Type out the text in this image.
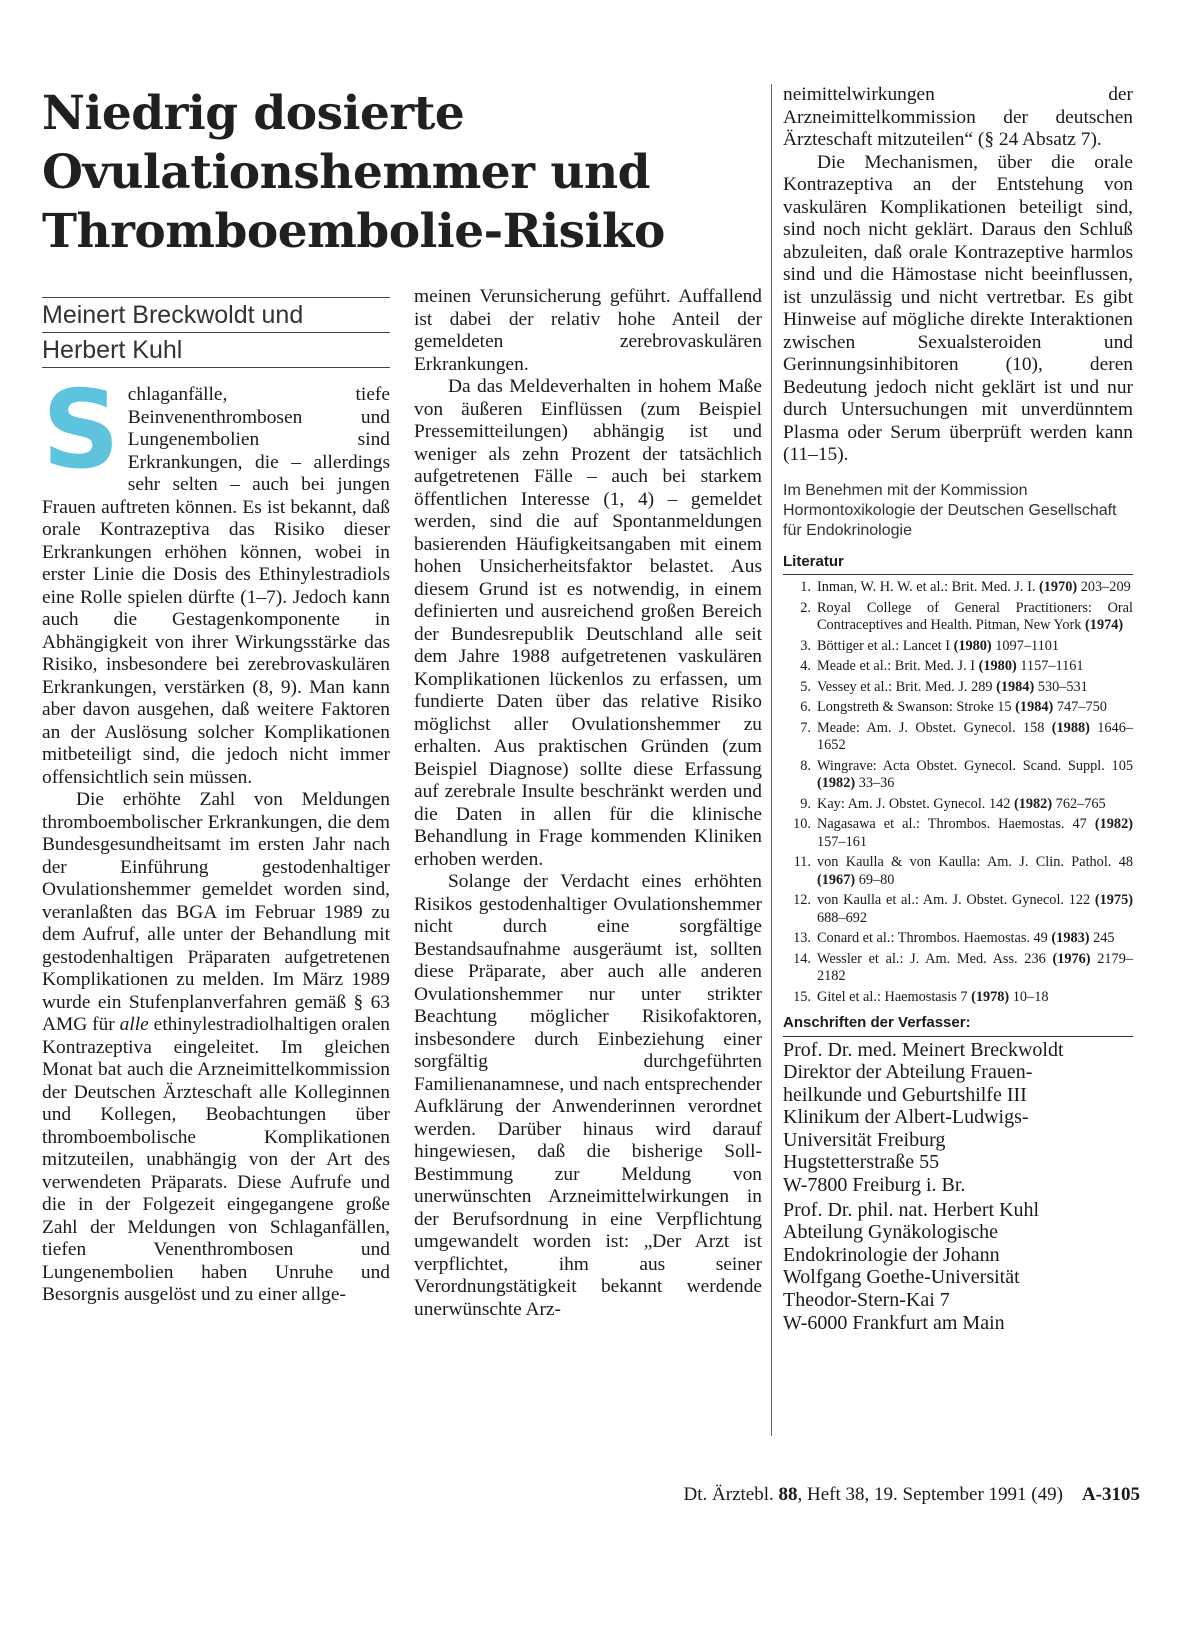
Niedrig dosierte
Ovulationshemmer und
Thromboembolie-Risiko
Meinert Breckwoldt und
Herbert Kuhl

Schlaganfälle, tiefe Beinvenenthrombosen und Lungenembolien sind Erkrankungen, die – allerdings sehr selten – auch bei jungen Frauen auftreten können. Es ist bekannt, daß orale Kontrazeptiva das Risiko dieser Erkrankungen erhöhen können, wobei in erster Linie die Dosis des Ethinylestradiols eine Rolle spielen dürfte (1–7). Jedoch kann auch die Gestagenkomponente in Abhängigkeit von ihrer Wirkungsstärke das Risiko, insbesondere bei zerebrovaskulären Erkrankungen, verstärken (8, 9). Man kann aber davon ausgehen, daß weitere Faktoren an der Auslösung solcher Komplikationen mitbeteiligt sind, die jedoch nicht immer offensichtlich sein müssen.

Die erhöhte Zahl von Meldungen thromboembolischer Erkrankungen, die dem Bundesgesundheitsamt im ersten Jahr nach der Einführung gestodenhaltiger Ovulationshemmer gemeldet worden sind, veranlaßten das BGA im Februar 1989 zu dem Aufruf, alle unter der Behandlung mit gestodenhaltigen Präparaten aufgetretenen Komplikationen zu melden. Im März 1989 wurde ein Stufenplanverfahren gemäß § 63 AMG für alle ethinylestradiolhaltigen oralen Kontrazeptiva eingeleitet. Im gleichen Monat bat auch die Arzneimittelkommission der Deutschen Ärzteschaft alle Kolleginnen und Kollegen, Beobachtungen über thromboembolische Komplikationen mitzuteilen, unabhängig von der Art des verwendeten Präparats. Diese Aufrufe und die in der Folgezeit eingegangene große Zahl der Meldungen von Schlaganfällen, tiefen Venenthrombosen und Lungenembolien haben Unruhe und Besorgnis ausgelöst und zu einer allge-

meinen Verunsicherung geführt. Auffallend ist dabei der relativ hohe Anteil der gemeldeten zerebrovaskulären Erkrankungen.

Da das Meldeverhalten in hohem Maße von äußeren Einflüssen (zum Beispiel Pressemitteilungen) abhängig ist und weniger als zehn Prozent der tatsächlich aufgetretenen Fälle – auch bei starkem öffentlichen Interesse (1, 4) – gemeldet werden, sind die auf Spontanmeldungen basierenden Häufigkeitsangaben mit einem hohen Unsicherheitsfaktor belastet. Aus diesem Grund ist es notwendig, in einem definierten und ausreichend großen Bereich der Bundesrepublik Deutschland alle seit dem Jahre 1988 aufgetretenen vaskulären Komplikationen lückenlos zu erfassen, um fundierte Daten über das relative Risiko möglichst aller Ovulationshemmer zu erhalten. Aus praktischen Gründen (zum Beispiel Diagnose) sollte diese Erfassung auf zerebrale Insulte beschränkt werden und die Daten in allen für die klinische Behandlung in Frage kommenden Kliniken erhoben werden.

Solange der Verdacht eines erhöhten Risikos gestodenhaltiger Ovulationshemmer nicht durch eine sorgfältige Bestandsaufnahme ausgeräumt ist, sollten diese Präparate, aber auch alle anderen Ovulationshemmer nur unter strikter Beachtung möglicher Risikofaktoren, insbesondere durch Einbeziehung einer sorgfältig durchgeführten Familienanamnese, und nach entsprechender Aufklärung der Anwenderinnen verordnet werden. Darüber hinaus wird darauf hingewiesen, daß die bisherige Soll-Bestimmung zur Meldung von unerwünschten Arzneimittelwirkungen in der Berufsordnung in eine Verpflichtung umgewandelt worden ist: „Der Arzt ist verpflichtet, ihm aus seiner Verordnungstätigkeit bekannt werdende unerwünschte Arz-

neimittelwirkungen der Arzneimittelkommission der deutschen Ärzteschaft mitzuteilen“ (§ 24 Absatz 7).

Die Mechanismen, über die orale Kontrazeptiva an der Entstehung von vaskulären Komplikationen beteiligt sind, sind noch nicht geklärt. Daraus den Schluß abzuleiten, daß orale Kontrazeptive harmlos sind und die Hämostase nicht beeinflussen, ist unzulässig und nicht vertretbar. Es gibt Hinweise auf mögliche direkte Interaktionen zwischen Sexualsteroiden und Gerinnungsinhibitoren (10), deren Bedeutung jedoch nicht geklärt ist und nur durch Untersuchungen mit unverdünntem Plasma oder Serum überprüft werden kann (11–15).

Im Benehmen mit der Kommission Hormontoxikologie der Deutschen Gesellschaft für Endokrinologie
Literatur
1. Inman, W. H. W. et al.: Brit. Med. J. I. (1970) 203–209
2. Royal College of General Practitioners: Oral Contraceptives and Health. Pitman, New York (1974)
3. Böttiger et al.: Lancet I (1980) 1097–1101
4. Meade et al.: Brit. Med. J. I (1980) 1157–1161
5. Vessey et al.: Brit. Med. J. 289 (1984) 530–531
6. Longstreth & Swanson: Stroke 15 (1984) 747–750
7. Meade: Am. J. Obstet. Gynecol. 158 (1988) 1646–1652
8. Wingrave: Acta Obstet. Gynecol. Scand. Suppl. 105 (1982) 33–36
9. Kay: Am. J. Obstet. Gynecol. 142 (1982) 762–765
10. Nagasawa et al.: Thrombos. Haemostas. 47 (1982) 157–161
11. von Kaulla & von Kaulla: Am. J. Clin. Pathol. 48 (1967) 69–80
12. von Kaulla et al.: Am. J. Obstet. Gynecol. 122 (1975) 688–692
13. Conard et al.: Thrombos. Haemostas. 49 (1983) 245
14. Wessler et al.: J. Am. Med. Ass. 236 (1976) 2179–2182
15. Gitel et al.: Haemostasis 7 (1978) 10–18
Anschriften der Verfasser:
Prof. Dr. med. Meinert Breckwoldt
Direktor der Abteilung Frauen-
heilkunde und Geburtshilfe III
Klinikum der Albert-Ludwigs-
Universität Freiburg
Hugstetterstraße 55
W-7800 Freiburg i. Br.
Prof. Dr. phil. nat. Herbert Kuhl
Abteilung Gynäkologische
Endokrinologie der Johann
Wolfgang Goethe-Universität
Theodor-Stern-Kai 7
W-6000 Frankfurt am Main
Dt. Ärztebl. 88, Heft 38, 19. September 1991 (49) A-3105
